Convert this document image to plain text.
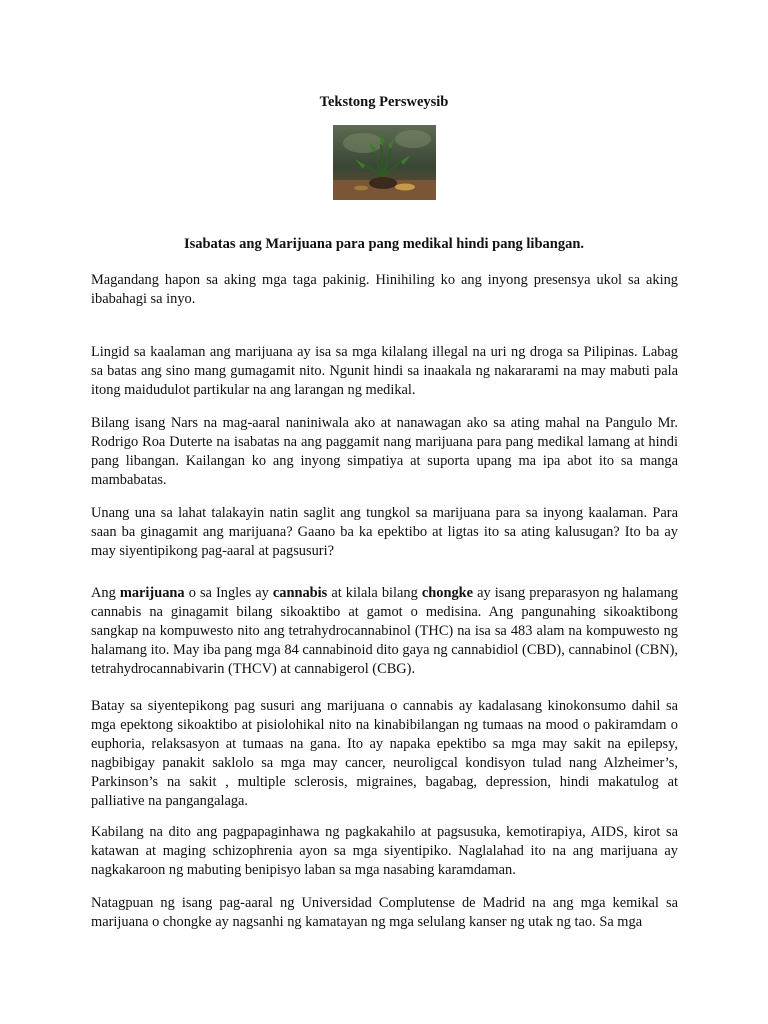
Tekstong Persweysib
Isabatas ang Marijuana para pang medikal hindi pang libangan.

Magandang hapon sa aking mga taga pakinig. Hinihiling ko ang inyong presensya ukol sa aking ibabahagi sa inyo.

Lingid sa kaalaman ang marijuana ay isa sa mga kilalang illegal na uri ng droga sa Pilipinas. Labag sa batas ang sino mang gumagamit nito. Ngunit hindi sa inaakala ng nakararami na may mabuti pala itong maidudulot partikular na ang larangan ng medikal.

Bilang isang Nars na mag-aaral naniniwala ako at nanawagan ako sa ating mahal na Pangulo Mr. Rodrigo Roa Duterte na isabatas na ang paggamit nang marijuana para pang medikal lamang at hindi pang libangan. Kailangan ko ang inyong simpatiya at suporta upang ma ipa abot ito sa manga mambabatas.

Unang una sa lahat talakayin natin saglit ang tungkol sa marijuana para sa inyong kaalaman. Para saan ba ginagamit ang marijuana? Gaano ba ka epektibo at ligtas ito sa ating kalusugan? Ito ba ay may siyentipikong pag-aaral at pagsusuri?

Ang marijuana o sa Ingles ay cannabis at kilala bilang chongke ay isang preparasyon ng halamang cannabis na ginagamit bilang sikoaktibo at gamot o medisina. Ang pangunahing sikoaktibong sangkap na kompuwesto nito ang tetrahydrocannabinol (THC) na isa sa 483 alam na kompuwesto ng halamang ito. May iba pang mga 84 cannabinoid dito gaya ng cannabidiol (CBD), cannabinol (CBN), tetrahydrocannabivarin (THCV) at cannabigerol (CBG).

Batay sa siyentepikong pag susuri ang marijuana o cannabis ay kadalasang kinokonsumo dahil sa mga epektong sikoaktibo at pisiolohikal nito na kinabibilangan ng tumaas na mood o pakiramdam o euphoria, relaksasyon at tumaas na gana. Ito ay napaka epektibo sa mga may sakit na epilepsy, nagbibigay panakit saklolo sa mga may cancer, neuroligcal kondisyon tulad nang Alzheimer’s, Parkinson’s na sakit , multiple sclerosis, migraines, bagabag, depression, hindi makatulog at palliative na pangangalaga.

Kabilang na dito ang pagpapaginhawa ng pagkakahilo at pagsusuka, kemotirapiya, AIDS, kirot sa katawan at maging schizophrenia ayon sa mga siyentipiko. Naglalahad ito na ang marijuana ay nagkakaroon ng mabuting benipisyo laban sa mga nasabing karamdaman.

Natagpuan ng isang pag-aaral ng Universidad Complutense de Madrid na ang mga kemikal sa marijuana o chongke ay nagsanhi ng kamatayan ng mga selulang kanser ng utak ng tao. Sa mga
